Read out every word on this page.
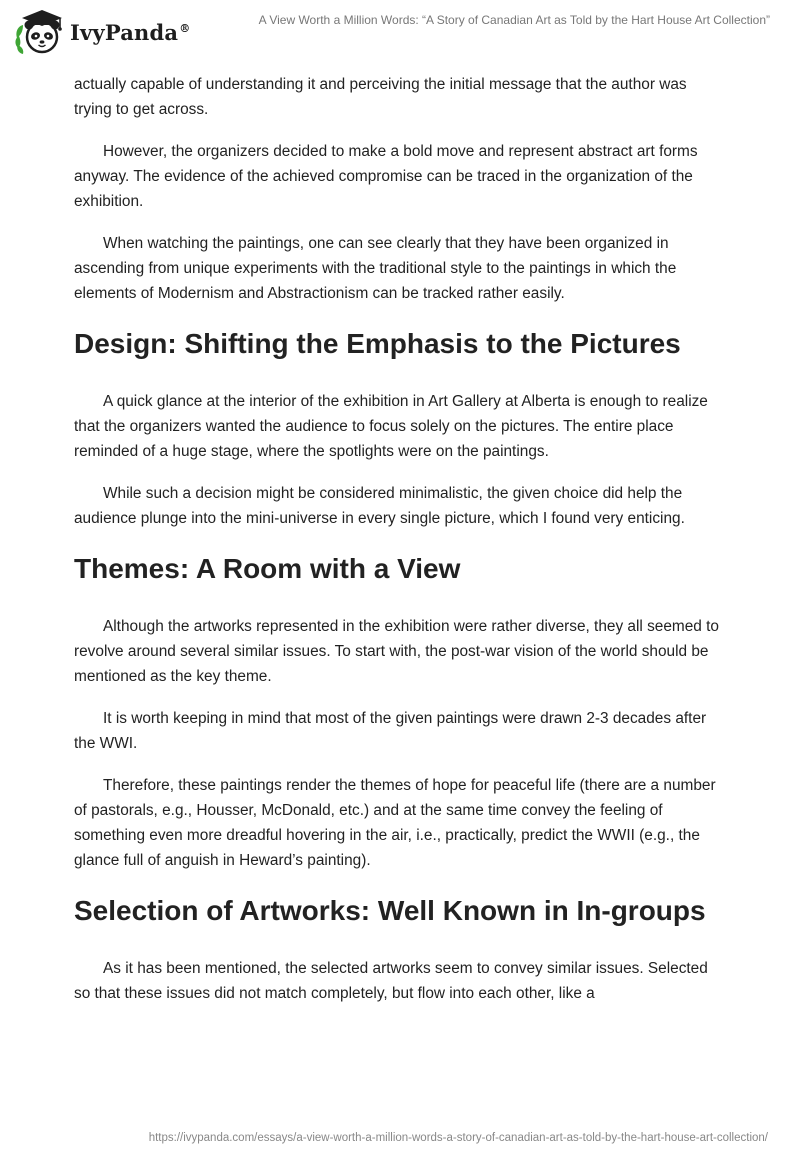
IvyPanda®
A View Worth a Million Words: “A Story of Canadian Art as Told by the Hart House Art Collection”

actually capable of understanding it and perceiving the initial message that the author was trying to get across.

However, the organizers decided to make a bold move and represent abstract art forms anyway. The evidence of the achieved compromise can be traced in the organization of the exhibition.

When watching the paintings, one can see clearly that they have been organized in ascending from unique experiments with the traditional style to the paintings in which the elements of Modernism and Abstractionism can be tracked rather easily.

Design: Shifting the Emphasis to the Pictures

A quick glance at the interior of the exhibition in Art Gallery at Alberta is enough to realize that the organizers wanted the audience to focus solely on the pictures. The entire place reminded of a huge stage, where the spotlights were on the paintings.

While such a decision might be considered minimalistic, the given choice did help the audience plunge into the mini-universe in every single picture, which I found very enticing.

Themes: A Room with a View

Although the artworks represented in the exhibition were rather diverse, they all seemed to revolve around several similar issues. To start with, the post-war vision of the world should be mentioned as the key theme.

It is worth keeping in mind that most of the given paintings were drawn 2-3 decades after the WWI.

Therefore, these paintings render the themes of hope for peaceful life (there are a number of pastorals, e.g., Housser, McDonald, etc.) and at the same time convey the feeling of something even more dreadful hovering in the air, i.e., practically, predict the WWII (e.g., the glance full of anguish in Heward’s painting).

Selection of Artworks: Well Known in In-groups

As it has been mentioned, the selected artworks seem to convey similar issues. Selected so that these issues did not match completely, but flow into each other, like a

https://ivypanda.com/essays/a-view-worth-a-million-words-a-story-of-canadian-art-as-told-by-the-hart-house-art-collection/
